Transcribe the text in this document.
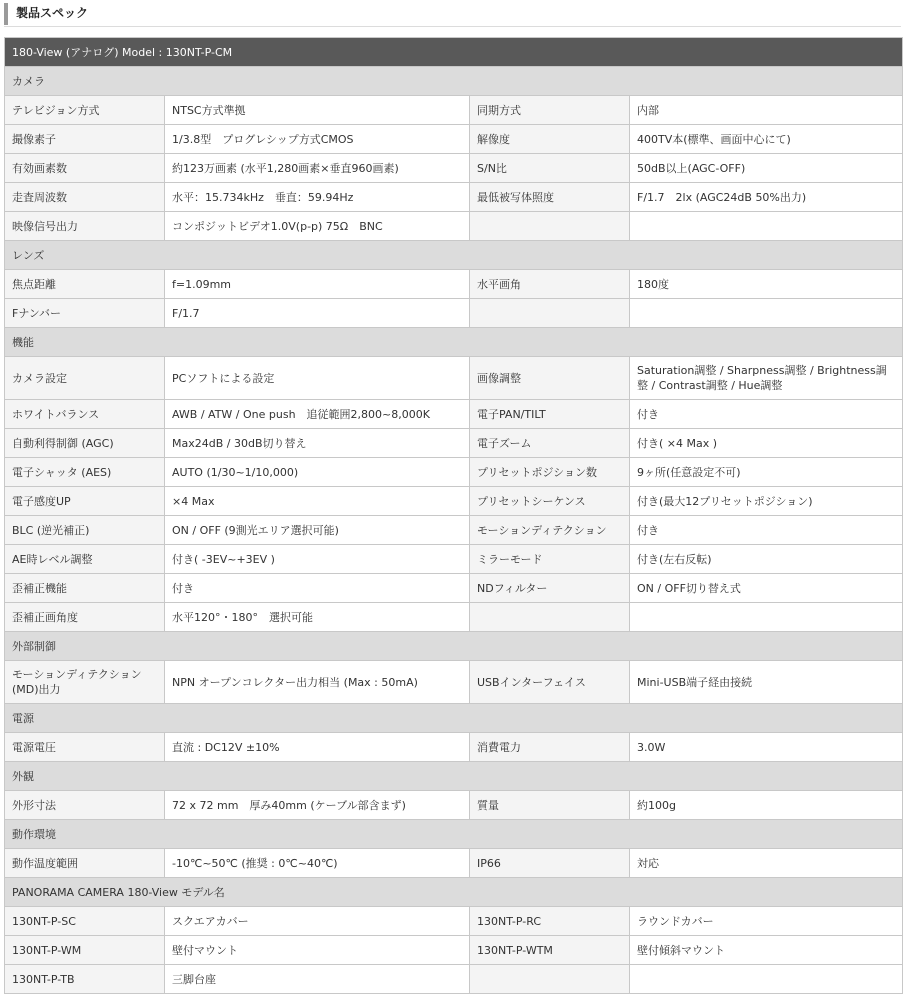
製品スペック
180-View (アナログ) Model : 130NT-P-CM			
カメラ			
テレビジョン方式	NTSC方式準拠	同期方式	内部
撮像素子	1/3.8型　プログレシップ方式CMOS	解像度	400TV本(標準、画面中心にて)
有効画素数	約123万画素 (水平1,280画素×垂直960画素)	S/N比	50dB以上(AGC-OFF)
走査周波数	水平：15.734kHz　垂直：59.94Hz	最低被写体照度	F/1.7　2lx (AGC24dB 50%出力)
映像信号出力	コンポジットビデオ1.0V(p-p) 75Ω　BNC		
レンズ			
焦点距離	f=1.09mm	水平画角	180度
Fナンバー	F/1.7		
機能			
カメラ設定	PCソフトによる設定	画像調整	Saturation調整 / Sharpness調整 / Brightness調整 / Contrast調整 / Hue調整
ホワイトバランス	AWB / ATW / One push　追従範囲2,800~8,000K	電子PAN/TILT	付き
自動利得制御 (AGC)	Max24dB / 30dB切り替え	電子ズーム	付き( ×4 Max )
電子シャッタ (AES)	AUTO (1/30~1/10,000)	プリセットポジション数	9ヶ所(任意設定不可)
電子感度UP	×4 Max	プリセットシーケンス	付き(最大12プリセットポジション)
BLC (逆光補正)	ON / OFF (9測光エリア選択可能)	モーションディテクション	付き
AE時レベル調整	付き( -3EV~+3EV )	ミラーモード	付き(左右反転)
歪補正機能	付き	NDフィルター	ON / OFF切り替え式
歪補正画角度	水平120°・180°　選択可能		
外部制御			
モーションディテクション (MD)出力	NPN オープンコレクター出力相当 (Max : 50mA)	USBインターフェイス	Mini-USB端子経由接続
電源			
電源電圧	直流 : DC12V ±10%	消費電力	3.0W
外観			
外形寸法	72 x 72 mm　厚み40mm (ケーブル部含まず)	質量	約100g
動作環境			
動作温度範囲	-10℃~50℃ (推奨 : 0℃~40℃)	IP66	対応
PANORAMA CAMERA 180-View モデル名			
130NT-P-SC	スクエアカバー	130NT-P-RC	ラウンドカバー
130NT-P-WM	壁付マウント	130NT-P-WTM	壁付傾斜マウント
130NT-P-TB	三脚台座		
